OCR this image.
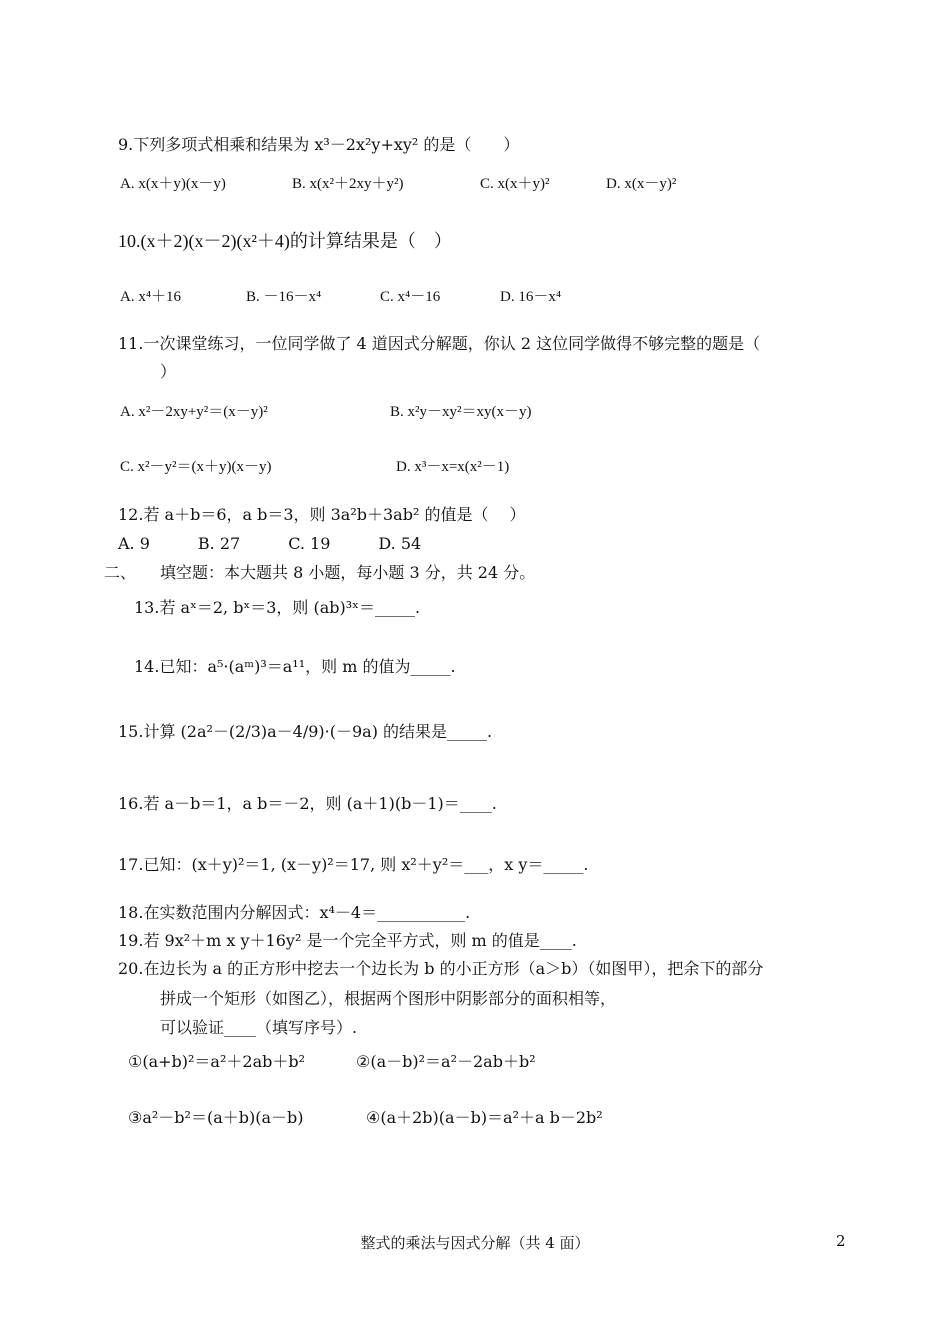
9.下列多项式相乘和结果为 x³－2x²y+xy² 的是（　　）
A. x(x＋y)(x－y)	B. x(x²＋2xy＋y²)	C. x(x＋y)²	D. x(x－y)²
10.(x＋2)(x－2)(x²＋4)的计算结果是（　）
A. x⁴＋16	B. －16－x⁴	C. x⁴－16	D. 16－x⁴
11.一次课堂练习，一位同学做了 4 道因式分解题，你认 2 这位同学做得不够完整的题是（
）
A. x²－2xy+y²＝(x－y)²	B. x²y－xy²＝xy(x－y)
C. x²－y²＝(x＋y)(x－y)	D. x³－x=x(x²－1)
12.若 a＋b＝6，a b＝3，则 3a²b＋3ab² 的值是（　 ）
A. 9　　　B. 27　　　C. 19　　　D. 54
二、　　填空题：本大题共 8 小题，每小题 3 分，共 24 分。
13.若 aˣ＝2, bˣ＝3，则 (ab)³ˣ＝_____.
14.已知：a⁵·(aᵐ)³＝a¹¹，则 m 的值为_____.
15.计算 (2a²－(2/3)a－4/9)·(－9a) 的结果是_____.
16.若 a－b＝1，a b＝－2，则 (a＋1)(b－1)＝____.
17.已知：(x＋y)²＝1, (x－y)²＝17, 则 x²＋y²＝___，x y＝_____.
18.在实数范围内分解因式：x⁴－4＝___________.
19.若 9x²＋m x y＋16y² 是一个完全平方式，则 m 的值是____.
20.在边长为 a 的正方形中挖去一个边长为 b 的小正方形（a＞b）（如图甲），把余下的部分
拼成一个矩形（如图乙），根据两个图形中阴影部分的面积相等，
可以验证____（填写序号）.
①(a+b)²＝a²＋2ab＋b²	②(a－b)²＝a²－2ab＋b²
③a²－b²＝(a＋b)(a－b)	④(a＋2b)(a－b)＝a²＋a b－2b²
整式的乘法与因式分解（共 4 面）	2
